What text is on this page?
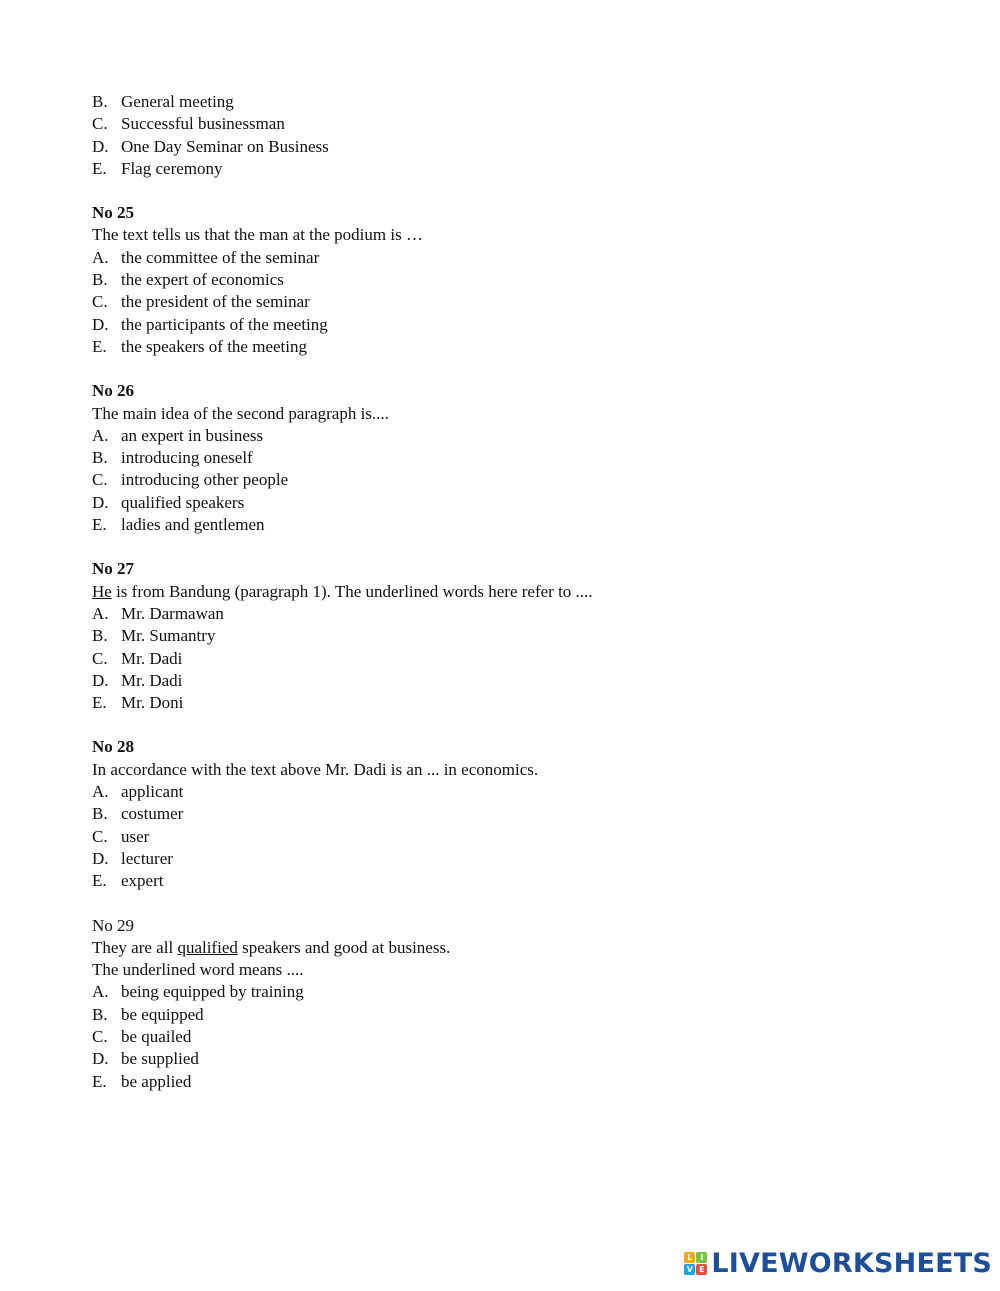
B. General meeting
C. Successful businessman
D. One Day Seminar on Business
E. Flag ceremony
No 25
The text tells us that the man at the podium is …
A. the committee of the seminar
B. the expert of economics
C. the president of the seminar
D. the participants of the meeting
E. the speakers of the meeting
No 26
The main idea of the second paragraph is....
A. an expert in business
B. introducing oneself
C. introducing other people
D. qualified speakers
E. ladies and gentlemen
No 27
He is from Bandung (paragraph 1). The underlined words here refer to ....
A. Mr. Darmawan
B. Mr. Sumantry
C. Mr. Dadi
D. Mr. Dadi
E. Mr. Doni
No 28
In accordance with the text above Mr. Dadi is an ... in economics.
A. applicant
B. costumer
C. user
D. lecturer
E. expert
No 29
They are all qualified speakers and good at business.
The underlined word means ....
A. being equipped by training
B. be equipped
C. be quailed
D. be supplied
E. be applied
L I
V E LIVEWORKSHEETS
